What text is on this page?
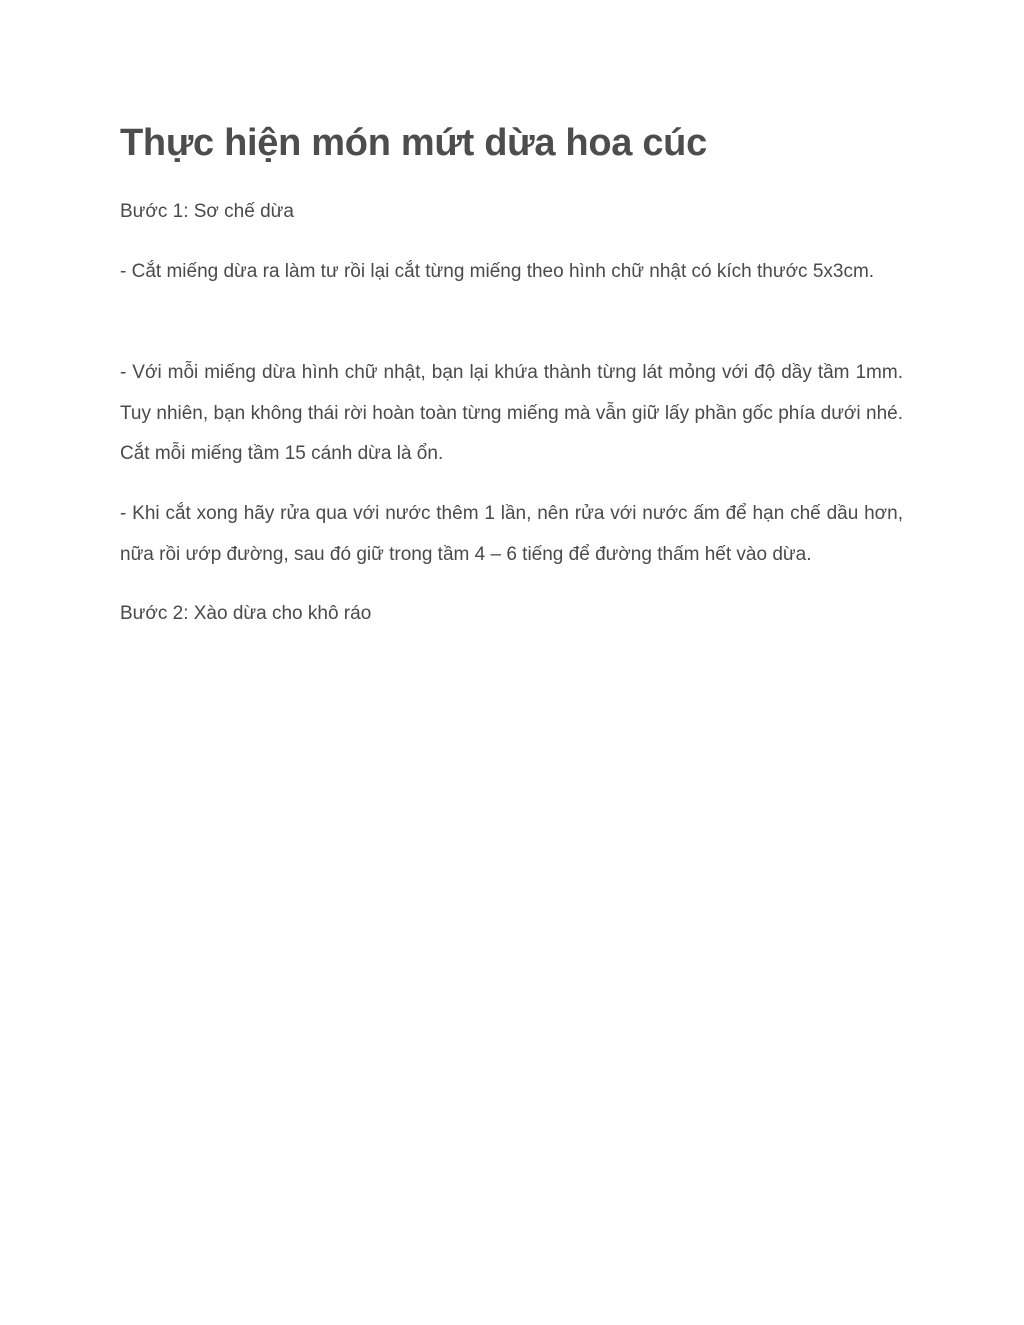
Thực hiện món mứt dừa hoa cúc

Bước 1: Sơ chế dừa

- Cắt miếng dừa ra làm tư rồi lại cắt từng miếng theo hình chữ nhật có kích thước 5x3cm.

- Với mỗi miếng dừa hình chữ nhật, bạn lại khứa thành từng lát mỏng với độ dầy tầm 1mm. Tuy nhiên, bạn không thái rời hoàn toàn từng miếng mà vẫn giữ lấy phần gốc phía dưới nhé. Cắt mỗi miếng tầm 15 cánh dừa là ổn.

- Khi cắt xong hãy rửa qua với nước thêm 1 lần, nên rửa với nước ấm để hạn chế dầu hơn, nữa rồi ướp đường, sau đó giữ trong tầm 4 – 6 tiếng để đường thấm hết vào dừa.

Bước 2: Xào dừa cho khô ráo
